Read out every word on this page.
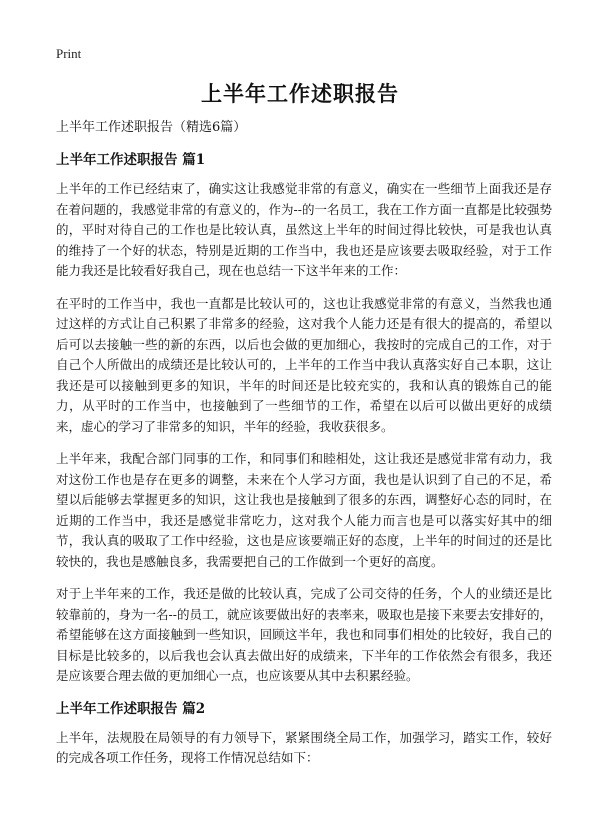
Print
上半年工作述职报告
上半年工作述职报告（精选6篇）
上半年工作述职报告 篇1

上半年的工作已经结束了，确实这让我感觉非常的有意义，确实在一些细节上面我还是存在着问题的，我感觉非常的有意义的，作为--的一名员工，我在工作方面一直都是比较强势的，平时对待自己的工作也是比较认真，虽然这上半年的时间过得比较快，可是我也认真的维持了一个好的状态，特别是近期的工作当中，我也还是应该要去吸取经验，对于工作能力我还是比较看好我自己，现在也总结一下这半年来的工作：

在平时的工作当中，我也一直都是比较认可的，这也让我感觉非常的有意义，当然我也通过这样的方式让自己积累了非常多的经验，这对我个人能力还是有很大的提高的，希望以后可以去接触一些的新的东西，以后也会做的更加细心，我按时的完成自己的工作，对于自己个人所做出的成绩还是比较认可的，上半年的工作当中我认真落实好自己本职，这让我还是可以接触到更多的知识，半年的时间还是比较充实的，我和认真的锻炼自己的能力，从平时的工作当中，也接触到了一些细节的工作，希望在以后可以做出更好的成绩来，虚心的学习了非常多的知识，半年的经验，我收获很多。

上半年来，我配合部门同事的工作，和同事们和睦相处，这让我还是感觉非常有动力，我对这份工作也是存在更多的调整，未来在个人学习方面，我也是认识到了自己的不足，希望以后能够去掌握更多的知识，这让我也是接触到了很多的东西，调整好心态的同时，在近期的工作当中，我还是感觉非常吃力，这对我个人能力而言也是可以落实好其中的细节，我认真的吸取了工作中经验，这也是应该要端正好的态度，上半年的时间过的还是比较快的，我也是感触良多，我需要把自己的工作做到一个更好的高度。

对于上半年来的工作，我还是做的比较认真，完成了公司交待的任务，个人的业绩还是比较靠前的，身为一名--的员工，就应该要做出好的表率来，吸取也是接下来要去安排好的，希望能够在这方面接触到一些知识，回顾这半年，我也和同事们相处的比较好，我自己的目标是比较多的，以后我也会认真去做出好的成绩来，下半年的工作依然会有很多，我还是应该要合理去做的更加细心一点，也应该要从其中去积累经验。

上半年工作述职报告 篇2

上半年，法规股在局领导的有力领导下，紧紧围绕全局工作，加强学习，踏实工作，较好的完成各项工作任务，现将工作情况总结如下：
